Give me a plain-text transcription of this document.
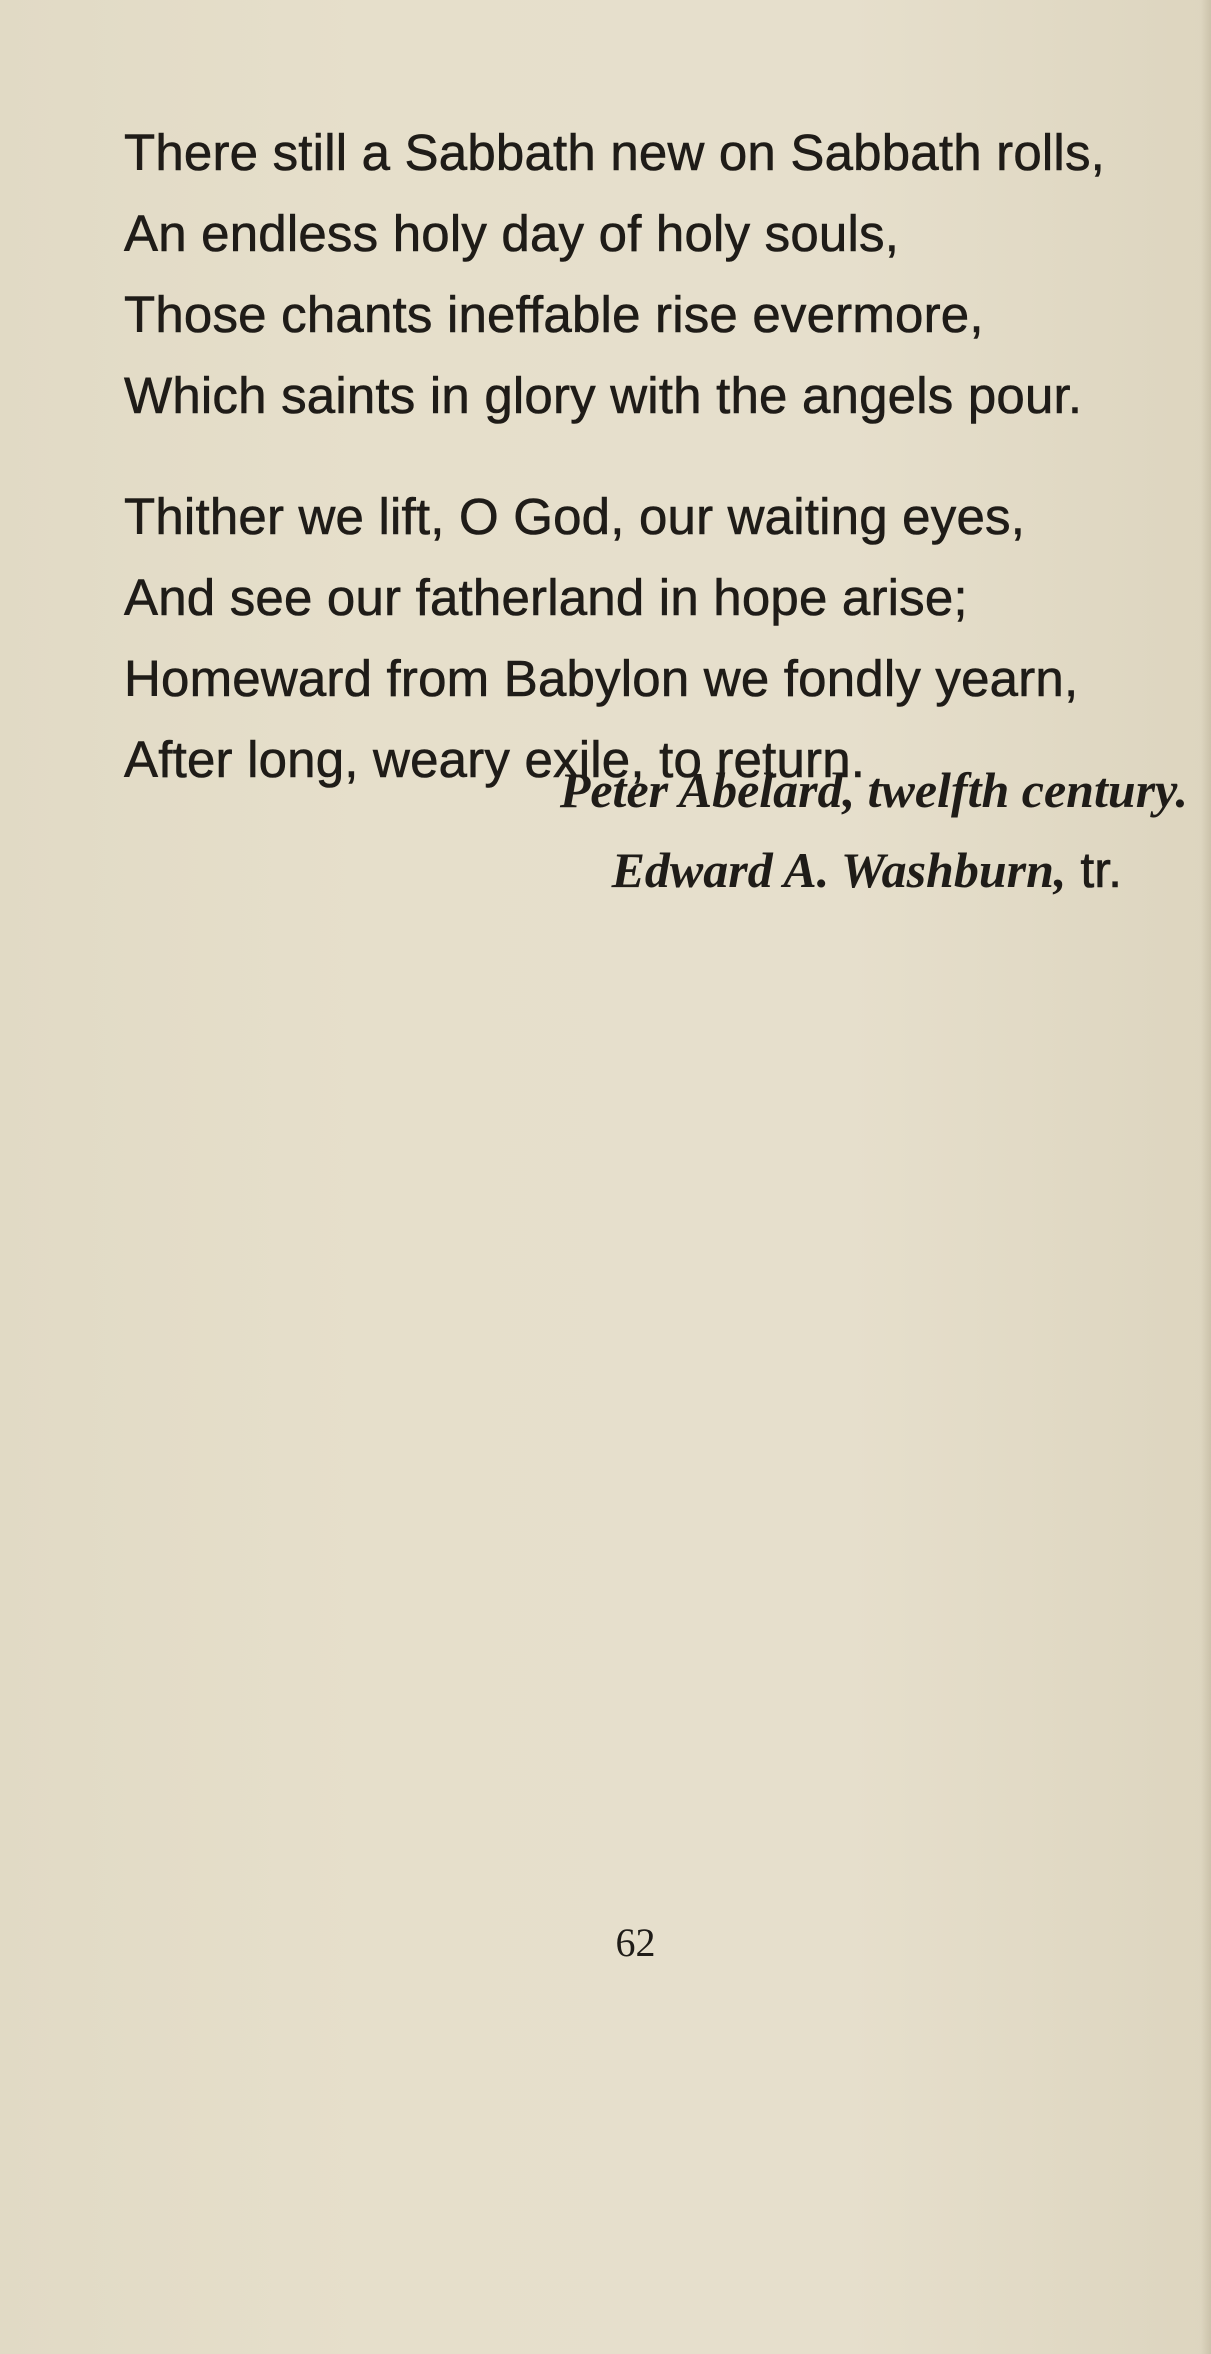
There still a Sabbath new on Sabbath rolls,
An endless holy day of holy souls,
Those chants ineffable rise evermore,
Which saints in glory with the angels pour.
Thither we lift, O God, our waiting eyes,
And see our fatherland in hope arise;
Homeward from Babylon we fondly yearn,
After long, weary exile, to return.
Peter Abelard, twelfth century.
Edward A. Washburn, tr.
62
